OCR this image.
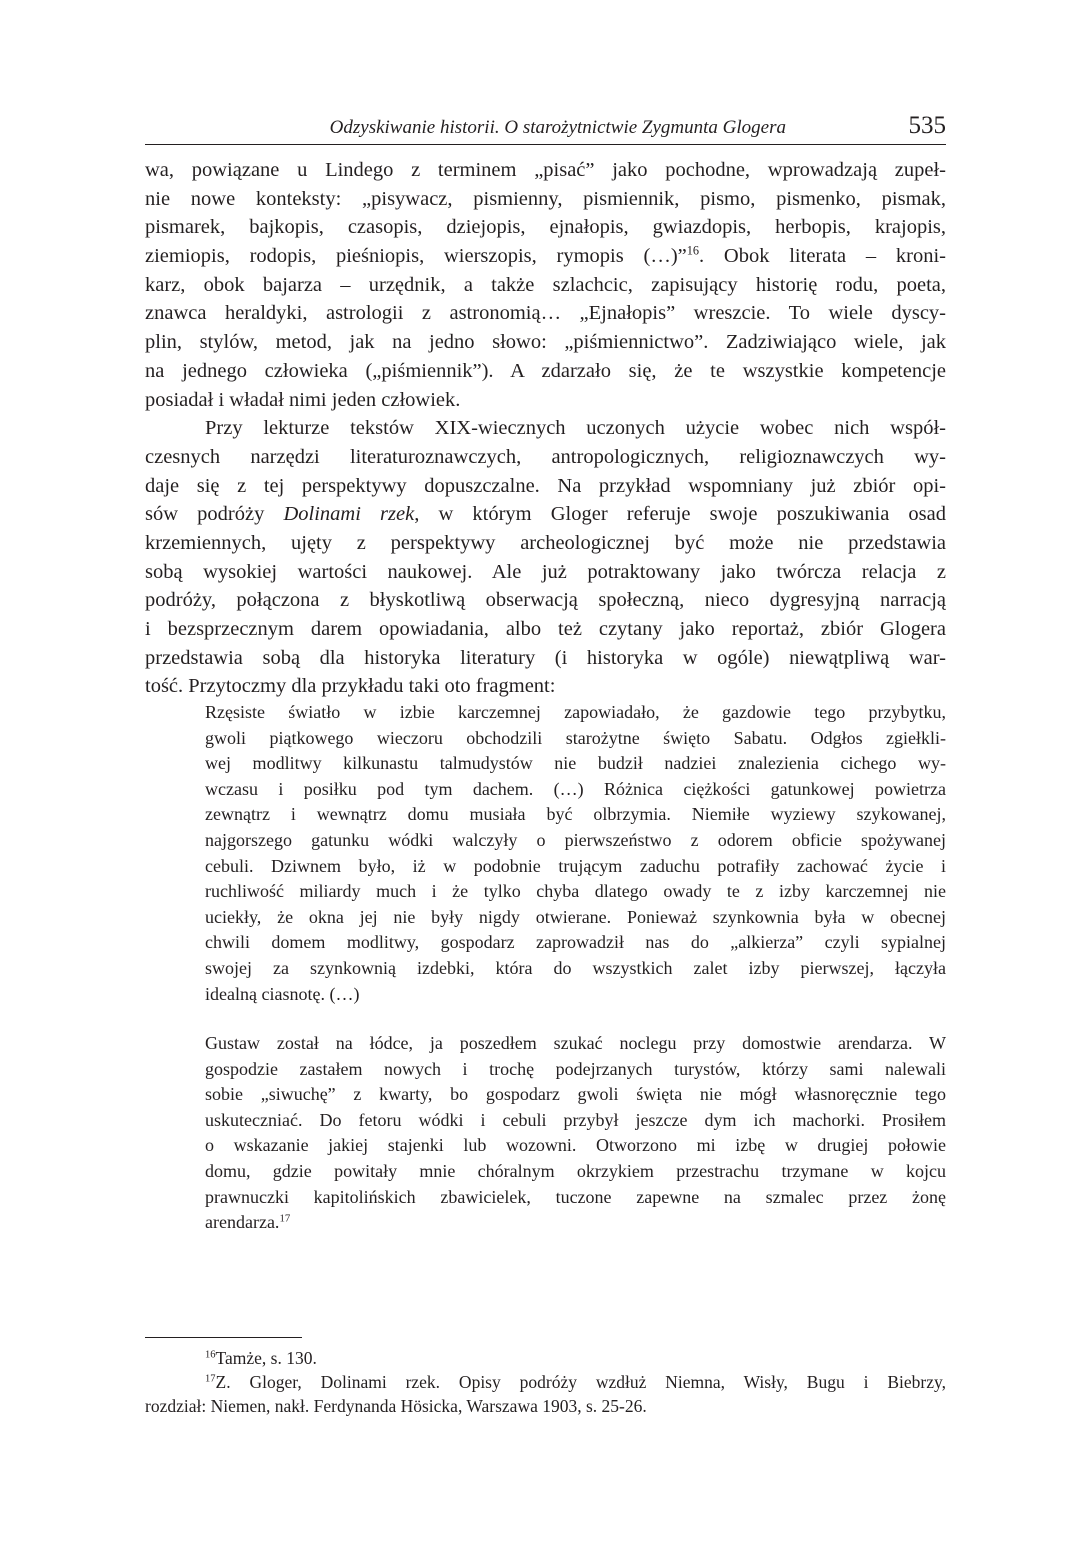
Odzyskiwanie historii. O starożytnictwie Zygmunta Glogera	535
wa, powiązane u Lindego z terminem „pisać” jako pochodne, wprowadzają zupeł-
nie nowe konteksty: „pisywacz, pismienny, pismiennik, pismo, pismenko, pismak,
pismarek, bajkopis, czasopis, dziejopis, ejnałopis, gwiazdopis, herbopis, krajopis,
ziemiopis, rodopis, pieśniopis, wierszopis, rymopis (…)”$^{16}$. Obok literata – kroni-
karz, obok bajarza – urzędnik, a także szlachcic, zapisujący historię rodu, poeta,
znawca heraldyki, astrologii z astronomią… „Ejnałopis” wreszcie. To wiele dyscy-
plin, stylów, metod, jak na jedno słowo: „piśmiennictwo”. Zadziwiająco wiele, jak
na jednego człowieka („piśmiennik”). A zdarzało się, że te wszystkie kompetencje
posiadał i władał nimi jeden człowiek.
Przy lekturze tekstów XIX-wiecznych uczonych użycie wobec nich współ-
czesnych narzędzi literaturoznawczych, antropologicznych, religioznawczych wy-
daje się z tej perspektywy dopuszczalne. Na przykład wspomniany już zbiór opi-
sów podróży Dolinami rzek, w którym Gloger referuje swoje poszukiwania osad
krzemiennych, ujęty z perspektywy archeologicznej być może nie przedstawia
sobą wysokiej wartości naukowej. Ale już potraktowany jako twórcza relacja z
podróży, połączona z błyskotliwą obserwacją społeczną, nieco dygresyjną narracją
i bezsprzecznym darem opowiadania, albo też czytany jako reportaż, zbiór Glogera
przedstawia sobą dla historyka literatury (i historyka w ogóle) niewątpliwą war-
tość. Przytoczmy dla przykładu taki oto fragment:
Rzęsiste światło w izbie karczemnej zapowiadało, że gazdowie tego przybytku,
gwoli piątkowego wieczoru obchodzili starożytne święto Sabatu. Odgłos zgiełkli-
wej modlitwy kilkunastu talmudystów nie budził nadziei znalezienia cichego wy-
wczasu i posiłku pod tym dachem. (…) Różnica ciężkości gatunkowej powietrza
zewnątrz i wewnątrz domu musiała być olbrzymia. Niemiłe wyziewy szykowanej,
najgorszego gatunku wódki walczyły o pierwszeństwo z odorem obficie spożywanej
cebuli. Dziwnem było, iż w podobnie trującym zaduchu potrafiły zachować życie i
ruchliwość miliardy much i że tylko chyba dlatego owady te z izby karczemnej nie
uciekły, że okna jej nie były nigdy otwierane. Ponieważ szynkownia była w obecnej
chwili domem modlitwy, gospodarz zaprowadził nas do „alkierza” czyli sypialnej
swojej za szynkownią izdebki, która do wszystkich zalet izby pierwszej, łączyła
idealną ciasnotę. (…)
Gustaw został na łódce, ja poszedłem szukać noclegu przy domostwie arendarza. W
gospodzie zastałem nowych i trochę podejrzanych turystów, którzy sami nalewali
sobie „siwuchę” z kwarty, bo gospodarz gwoli święta nie mógł własnoręcznie tego
uskuteczniać. Do fetoru wódki i cebuli przybył jeszcze dym ich machorki. Prosiłem
o wskazanie jakiej stajenki lub wozowni. Otworzono mi izbę w drugiej połowie
domu, gdzie powitały mnie chóralnym okrzykiem przestrachu trzymane w kojcu
prawnuczki kapitolińskich zbawicielek, tuczone zapewne na szmalec przez żonę
arendarza.$^{17}$
$^{16}$Tamże, s. 130.
$^{17}$Z. Gloger, Dolinami rzek. Opisy podróży wzdłuż Niemna, Wisły, Bugu i Biebrzy,
rozdział: Niemen, nakł. Ferdynanda Hösicka, Warszawa 1903, s. 25-26.
